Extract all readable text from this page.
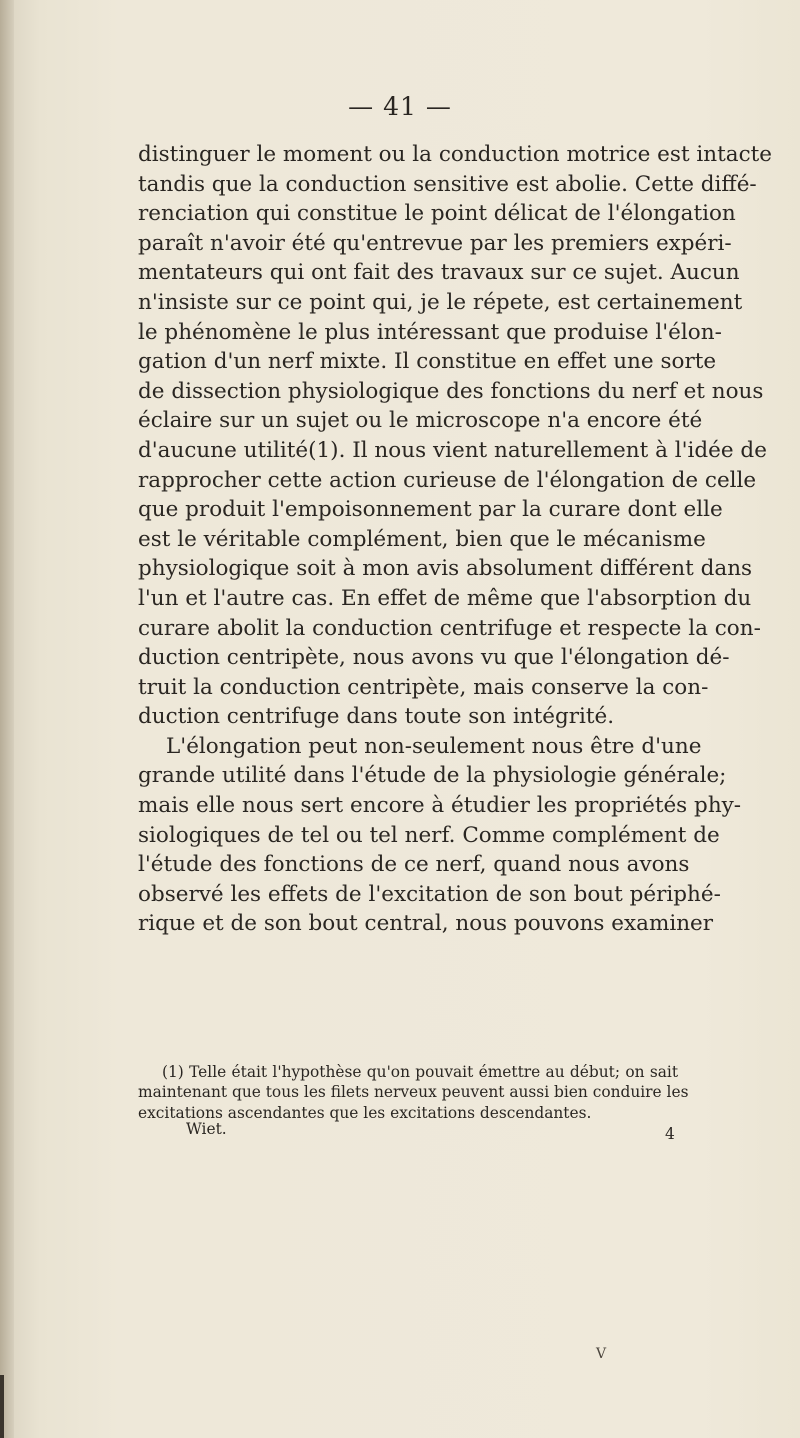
— 41 —
distinguer le moment ou la conduction motrice est intacte
tandis que la conduction sensitive est abolie. Cette diffé-
renciation qui constitue le point délicat de l'élongation
paraît n'avoir été qu'entrevue par les premiers expéri-
mentateurs qui ont fait des travaux sur ce sujet. Aucun
n'insiste sur ce point qui, je le répete, est certainement
le phénomène le plus intéressant que produise l'élon-
gation d'un nerf mixte. Il constitue en effet une sorte
de dissection physiologique des fonctions du nerf et nous
éclaire sur un sujet ou le microscope n'a encore été
d'aucune utilité(1). Il nous vient naturellement à l'idée de
rapprocher cette action curieuse de l'élongation de celle
que produit l'empoisonnement par la curare dont elle
est le véritable complément, bien que le mécanisme
physiologique soit à mon avis absolument différent dans
l'un et l'autre cas. En effet de même que l'absorption du
curare abolit la conduction centrifuge et respecte la con-
duction centripète, nous avons vu que l'élongation dé-
truit la conduction centripète, mais conserve la con-
duction centrifuge dans toute son intégrité.
L'élongation peut non-seulement nous être d'une
grande utilité dans l'étude de la physiologie générale;
mais elle nous sert encore à étudier les propriétés phy-
siologiques de tel ou tel nerf. Comme complément de
l'étude des fonctions de ce nerf, quand nous avons
observé les effets de l'excitation de son bout périphé-
rique et de son bout central, nous pouvons examiner
(1) Telle était l'hypothèse qu'on pouvait émettre au début; on sait
maintenant que tous les filets nerveux peuvent aussi bien conduire les
excitations ascendantes que les excitations descendantes.
Wiet.	4
V
